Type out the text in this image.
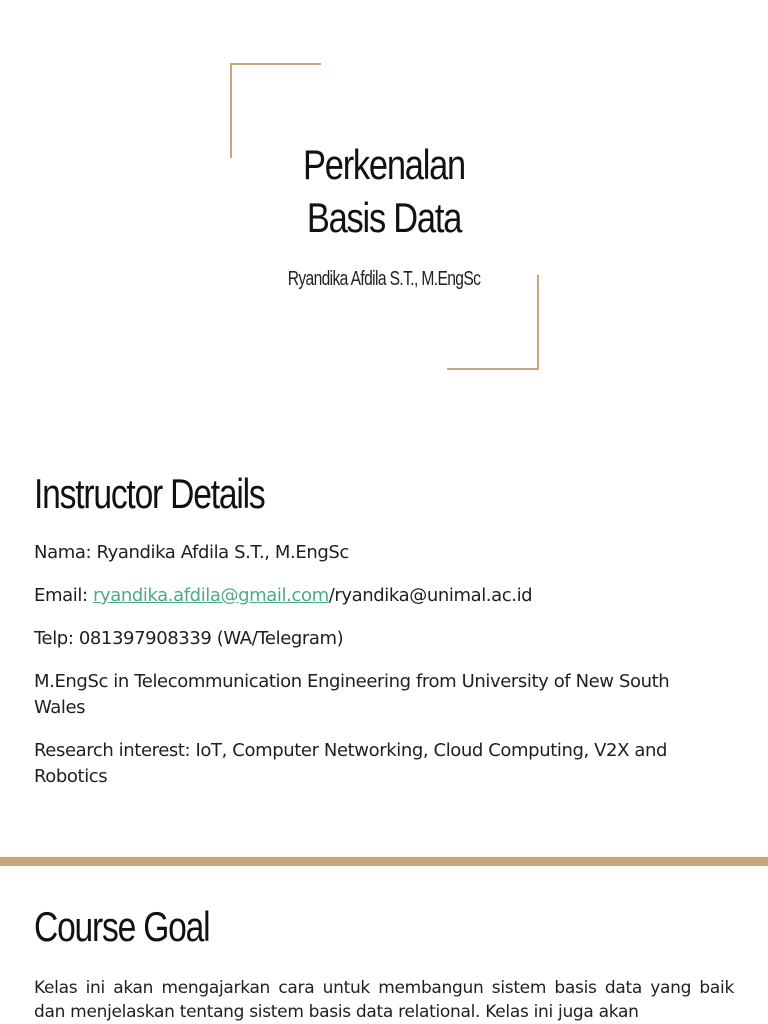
Perkenalan Basis Data
Ryandika Afdila S.T., M.EngSc
Instructor Details

Nama: Ryandika Afdila S.T., M.EngSc

Email: ryandika.afdila@gmail.com/ryandika@unimal.ac.id

Telp: 081397908339 (WA/Telegram)

M.EngSc in Telecommunication Engineering from University of New South Wales

Research interest: IoT, Computer Networking, Cloud Computing, V2X and Robotics

Course Goal
Kelas ini akan mengajarkan cara untuk membangun sistem basis data yang baik dan menjelaskan tentang sistem basis data relational. Kelas ini juga akan
